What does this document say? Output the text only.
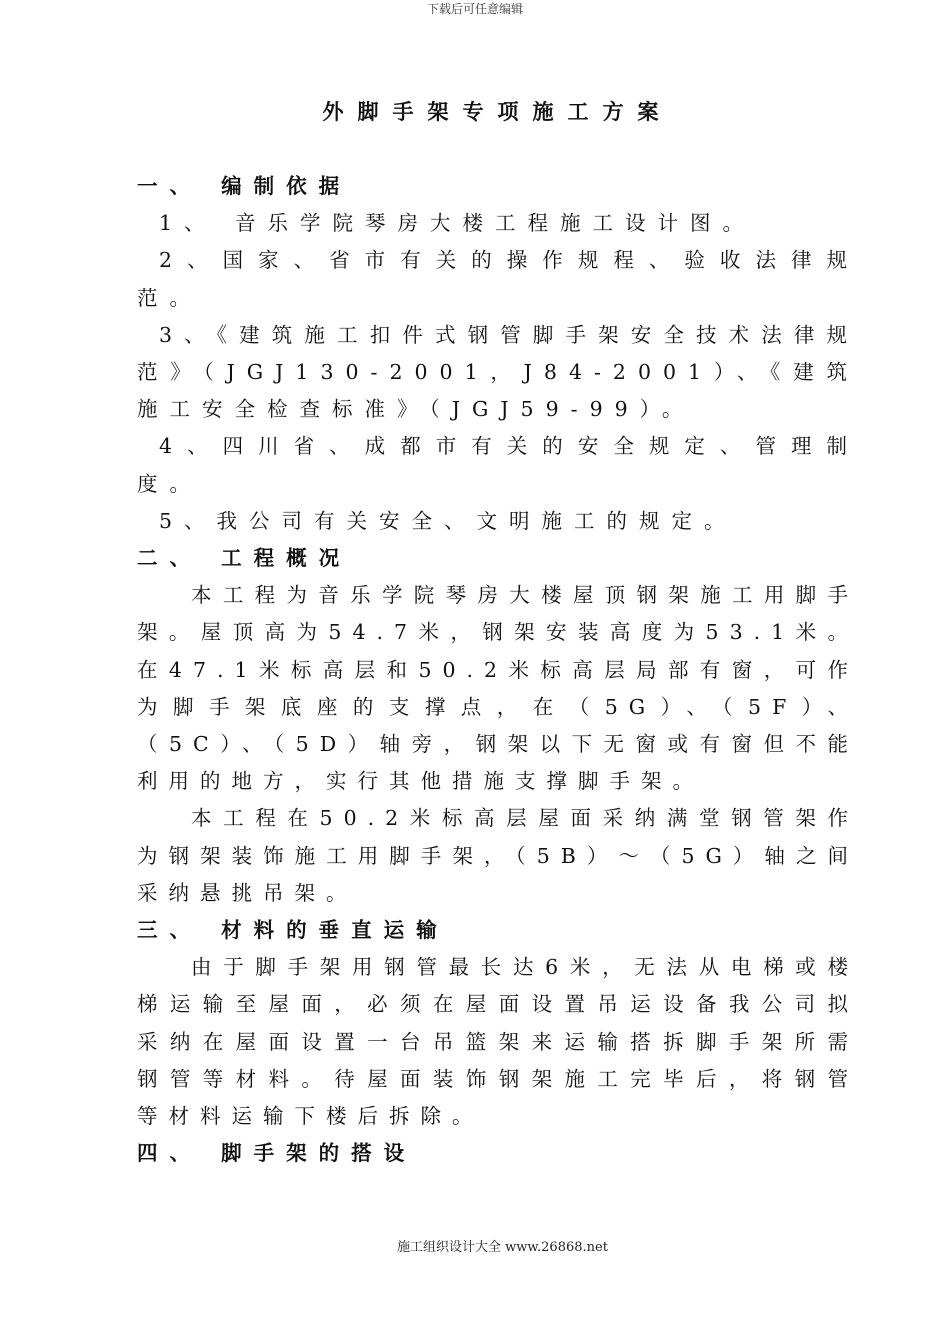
下载后可任意编辑
外脚手架专项施工方案

一、 编制依据

1、 音乐学院琴房大楼工程施工设计图。

2、国家、省市有关的操作规程、验收法律规范。

3、《建筑施工扣件式钢管脚手架安全技术法律规范》（JGJ130-2001，J84-2001）、《建筑施工安全检查标准》（JGJ59-99）。

4、四川省、成都市有关的安全规定、管理制度。

5、我公司有关安全、文明施工的规定。

二、 工程概况

本工程为音乐学院琴房大楼屋顶钢架施工用脚手架。屋顶高为54.7米，钢架安装高度为53.1米。在47.1米标高层和50.2米标高层局部有窗，可作为脚手架底座的支撑点，在（5G）、（5F）、（5C）、（5D）轴旁，钢架以下无窗或有窗但不能利用的地方，实行其他措施支撑脚手架。

本工程在50.2米标高层屋面采纳满堂钢管架作为钢架装饰施工用脚手架，（5B）～（5G）轴之间采纳悬挑吊架。

三、 材料的垂直运输

由于脚手架用钢管最长达6米，无法从电梯或楼梯运输至屋面，必须在屋面设置吊运设备我公司拟采纳在屋面设置一台吊篮架来运输搭拆脚手架所需钢管等材料。待屋面装饰钢架施工完毕后，将钢管等材料运输下楼后拆除。

四、 脚手架的搭设

施工组织设计大全 www.26868.net
